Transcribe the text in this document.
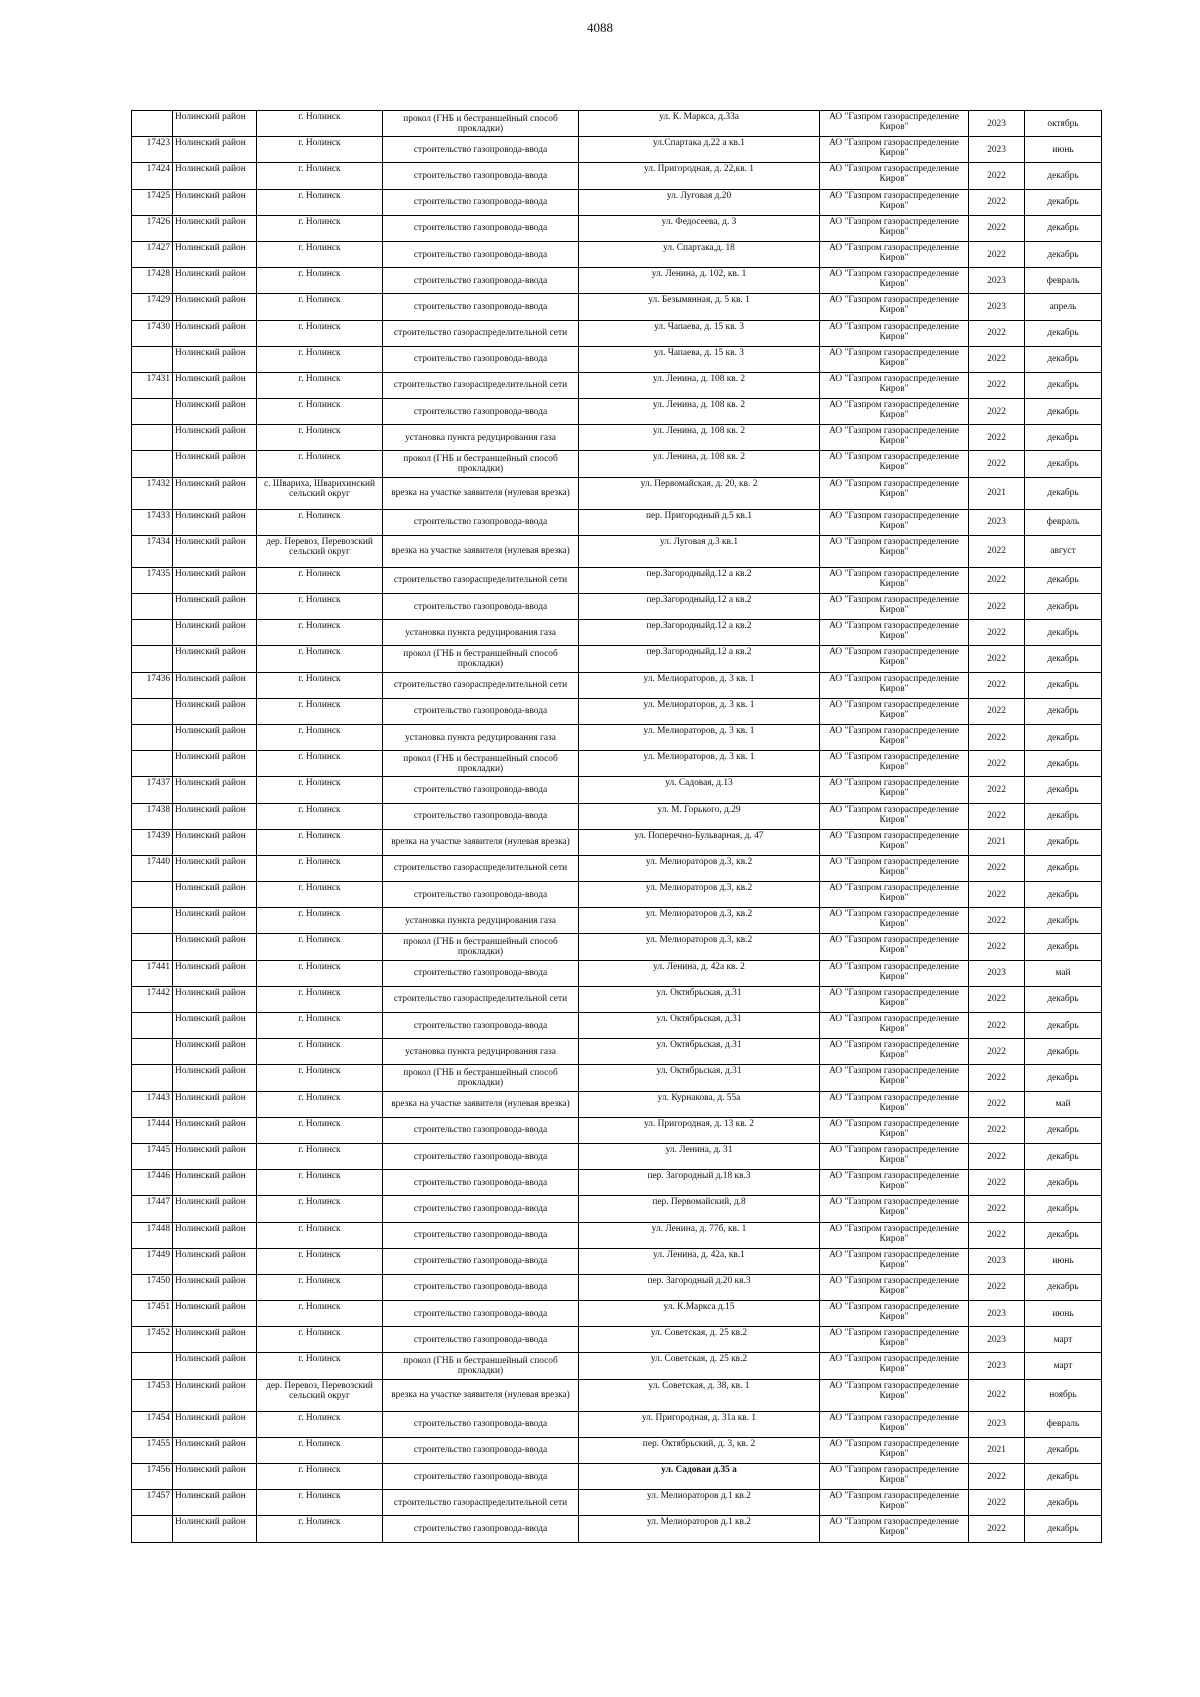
4088
	Нолинский район	г. Нолинск	прокол (ГНБ и бестраншейный способ прокладки)	ул. К. Маркса, д.33а	АО "Газпром газораспределение Киров"	2023	октябрь
17423	Нолинский район	г. Нолинск	строительство газопровода-ввода	ул.Спартака д.22 а кв.1	АО "Газпром газораспределение Киров"	2023	июнь
17424	Нолинский район	г. Нолинск	строительство газопровода-ввода	ул. Пригородная, д. 22,кв. 1	АО "Газпром газораспределение Киров"	2022	декабрь
17425	Нолинский район	г. Нолинск	строительство газопровода-ввода	ул. Луговая д.20	АО "Газпром газораспределение Киров"	2022	декабрь
17426	Нолинский район	г. Нолинск	строительство газопровода-ввода	ул. Федосеева, д. 3	АО "Газпром газораспределение Киров"	2022	декабрь
17427	Нолинский район	г. Нолинск	строительство газопровода-ввода	ул. Спартака,д. 18	АО "Газпром газораспределение Киров"	2022	декабрь
17428	Нолинский район	г. Нолинск	строительство газопровода-ввода	ул. Ленина, д. 102, кв. 1	АО "Газпром газораспределение Киров"	2023	февраль
17429	Нолинский район	г. Нолинск	строительство газопровода-ввода	ул. Безымянная, д. 5 кв. 1	АО "Газпром газораспределение Киров"	2023	апрель
17430	Нолинский район	г. Нолинск	строительство газораспределительной сети	ул. Чапаева, д. 15 кв. 3	АО "Газпром газораспределение Киров"	2022	декабрь
	Нолинский район	г. Нолинск	строительство газопровода-ввода	ул. Чапаева, д. 15 кв. 3	АО "Газпром газораспределение Киров"	2022	декабрь
17431	Нолинский район	г. Нолинск	строительство газораспределительной сети	ул. Ленина, д. 108 кв. 2	АО "Газпром газораспределение Киров"	2022	декабрь
	Нолинский район	г. Нолинск	строительство газопровода-ввода	ул. Ленина, д. 108 кв. 2	АО "Газпром газораспределение Киров"	2022	декабрь
	Нолинский район	г. Нолинск	установка пункта редуцирования газа	ул. Ленина, д. 108 кв. 2	АО "Газпром газораспределение Киров"	2022	декабрь
	Нолинский район	г. Нолинск	прокол (ГНБ и бестраншейный способ прокладки)	ул. Ленина, д. 108 кв. 2	АО "Газпром газораспределение Киров"	2022	декабрь
17432	Нолинский район	с. Швариха, Шварихинский сельский округ	врезка на участке заявителя (нулевая врезка)	ул. Первомайская, д. 20, кв. 2	АО "Газпром газораспределение Киров"	2021	декабрь
17433	Нолинский район	г. Нолинск	строительство газопровода-ввода	пер. Пригородный д.5 кв.1	АО "Газпром газораспределение Киров"	2023	февраль
17434	Нолинский район	дер. Перевоз, Перевозский сельский округ	врезка на участке заявителя (нулевая врезка)	ул. Луговая д.3 кв.1	АО "Газпром газораспределение Киров"	2022	август
17435	Нолинский район	г. Нолинск	строительство газораспределительной сети	пер.Загородныйд.12 а кв.2	АО "Газпром газораспределение Киров"	2022	декабрь
	Нолинский район	г. Нолинск	строительство газопровода-ввода	пер.Загородныйд.12 а кв.2	АО "Газпром газораспределение Киров"	2022	декабрь
	Нолинский район	г. Нолинск	установка пункта редуцирования газа	пер.Загородныйд.12 а кв.2	АО "Газпром газораспределение Киров"	2022	декабрь
	Нолинский район	г. Нолинск	прокол (ГНБ и бестраншейный способ прокладки)	пер.Загородныйд.12 а кв.2	АО "Газпром газораспределение Киров"	2022	декабрь
17436	Нолинский район	г. Нолинск	строительство газораспределительной сети	ул. Мелиораторов, д. 3 кв. 1	АО "Газпром газораспределение Киров"	2022	декабрь
	Нолинский район	г. Нолинск	строительство газопровода-ввода	ул. Мелиораторов, д. 3 кв. 1	АО "Газпром газораспределение Киров"	2022	декабрь
	Нолинский район	г. Нолинск	установка пункта редуцирования газа	ул. Мелиораторов, д. 3 кв. 1	АО "Газпром газораспределение Киров"	2022	декабрь
	Нолинский район	г. Нолинск	прокол (ГНБ и бестраншейный способ прокладки)	ул. Мелиораторов, д. 3 кв. 1	АО "Газпром газораспределение Киров"	2022	декабрь
17437	Нолинский район	г. Нолинск	строительство газопровода-ввода	ул. Садовая, д.13	АО "Газпром газораспределение Киров"	2022	декабрь
17438	Нолинский район	г. Нолинск	строительство газопровода-ввода	ул. М. Горького, д.29	АО "Газпром газораспределение Киров"	2022	декабрь
17439	Нолинский район	г. Нолинск	врезка на участке заявителя (нулевая врезка)	ул. Поперечно-Бульварная, д. 47	АО "Газпром газораспределение Киров"	2021	декабрь
17440	Нолинский район	г. Нолинск	строительство газораспределительной сети	ул. Мелиораторов д.3, кв.2	АО "Газпром газораспределение Киров"	2022	декабрь
	Нолинский район	г. Нолинск	строительство газопровода-ввода	ул. Мелиораторов д.3, кв.2	АО "Газпром газораспределение Киров"	2022	декабрь
	Нолинский район	г. Нолинск	установка пункта редуцирования газа	ул. Мелиораторов д.3, кв.2	АО "Газпром газораспределение Киров"	2022	декабрь
	Нолинский район	г. Нолинск	прокол (ГНБ и бестраншейный способ прокладки)	ул. Мелиораторов д.3, кв.2	АО "Газпром газораспределение Киров"	2022	декабрь
17441	Нолинский район	г. Нолинск	строительство газопровода-ввода	ул. Ленина, д. 42а кв. 2	АО "Газпром газораспределение Киров"	2023	май
17442	Нолинский район	г. Нолинск	строительство газораспределительной сети	ул. Октябрьская, д.31	АО "Газпром газораспределение Киров"	2022	декабрь
	Нолинский район	г. Нолинск	строительство газопровода-ввода	ул. Октябрьская, д.31	АО "Газпром газораспределение Киров"	2022	декабрь
	Нолинский район	г. Нолинск	установка пункта редуцирования газа	ул. Октябрьская, д.31	АО "Газпром газораспределение Киров"	2022	декабрь
	Нолинский район	г. Нолинск	прокол (ГНБ и бестраншейный способ прокладки)	ул. Октябрьская, д.31	АО "Газпром газораспределение Киров"	2022	декабрь
17443	Нолинский район	г. Нолинск	врезка на участке заявителя (нулевая врезка)	ул. Курнакова, д. 55а	АО "Газпром газораспределение Киров"	2022	май
17444	Нолинский район	г. Нолинск	строительство газопровода-ввода	ул. Пригородная, д. 13 кв. 2	АО "Газпром газораспределение Киров"	2022	декабрь
17445	Нолинский район	г. Нолинск	строительство газопровода-ввода	ул. Ленина, д. 31	АО "Газпром газораспределение Киров"	2022	декабрь
17446	Нолинский район	г. Нолинск	строительство газопровода-ввода	пер. Загородный д.18 кв.3	АО "Газпром газораспределение Киров"	2022	декабрь
17447	Нолинский район	г. Нолинск	строительство газопровода-ввода	пер. Первомайский, д.8	АО "Газпром газораспределение Киров"	2022	декабрь
17448	Нолинский район	г. Нолинск	строительство газопровода-ввода	ул. Ленина, д. 77б, кв. 1	АО "Газпром газораспределение Киров"	2022	декабрь
17449	Нолинский район	г. Нолинск	строительство газопровода-ввода	ул. Ленина, д. 42а, кв.1	АО "Газпром газораспределение Киров"	2023	июнь
17450	Нолинский район	г. Нолинск	строительство газопровода-ввода	пер. Загородный д.20 кв.3	АО "Газпром газораспределение Киров"	2022	декабрь
17451	Нолинский район	г. Нолинск	строительство газопровода-ввода	ул. К.Маркса д.15	АО "Газпром газораспределение Киров"	2023	июнь
17452	Нолинский район	г. Нолинск	строительство газопровода-ввода	ул. Советская, д. 25 кв.2	АО "Газпром газораспределение Киров"	2023	март
	Нолинский район	г. Нолинск	прокол (ГНБ и бестраншейный способ прокладки)	ул. Советская, д. 25 кв.2	АО "Газпром газораспределение Киров"	2023	март
17453	Нолинский район	дер. Перевоз, Перевозский сельский округ	врезка на участке заявителя (нулевая врезка)	ул. Советская, д. 38, кв. 1	АО "Газпром газораспределение Киров"	2022	ноябрь
17454	Нолинский район	г. Нолинск	строительство газопровода-ввода	ул. Пригородная, д. 31а кв. 1	АО "Газпром газораспределение Киров"	2023	февраль
17455	Нолинский район	г. Нолинск	строительство газопровода-ввода	пер. Октябрьский, д. 3, кв. 2	АО "Газпром газораспределение Киров"	2021	декабрь
17456	Нолинский район	г. Нолинск	строительство газопровода-ввода	ул. Садовая д.35 а	АО "Газпром газораспределение Киров"	2022	декабрь
17457	Нолинский район	г. Нолинск	строительство газораспределительной сети	ул. Мелиораторов д.1 кв.2	АО "Газпром газораспределение Киров"	2022	декабрь
	Нолинский район	г. Нолинск	строительство газопровода-ввода	ул. Мелиораторов д.1 кв.2	АО "Газпром газораспределение Киров"	2022	декабрь
